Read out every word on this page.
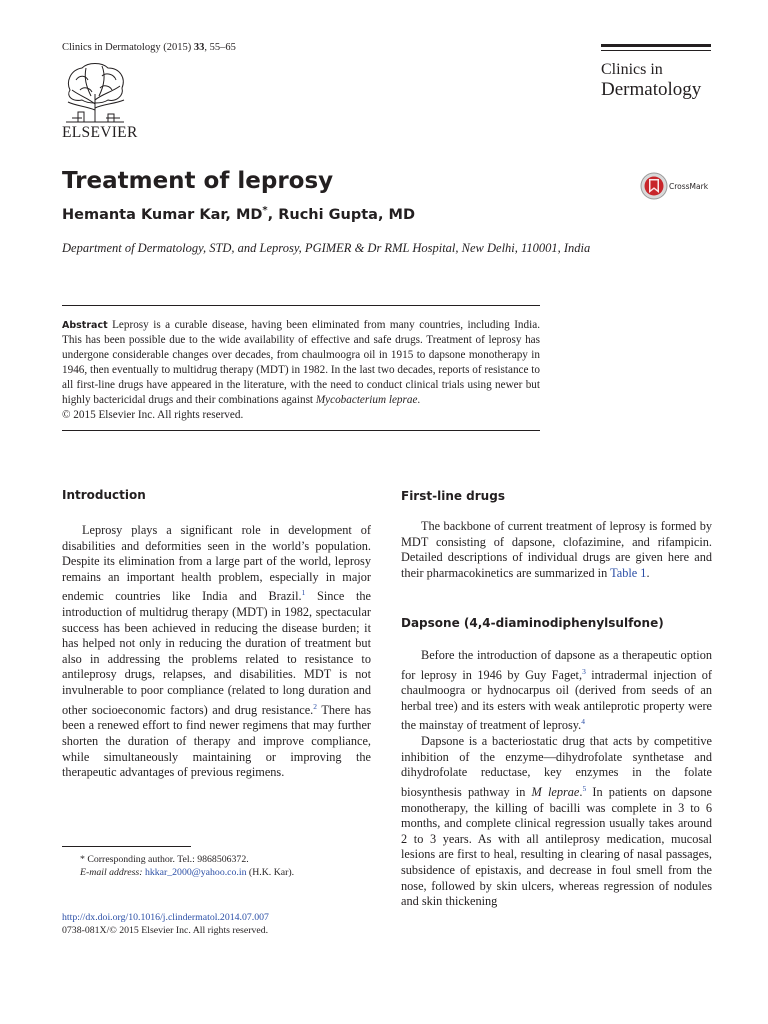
Clinics in Dermatology (2015) 33, 55–65
ELSEVIER
Clinics in
Dermatology
Treatment of leprosy	CrossMark
Hemanta Kumar Kar, MD*, Ruchi Gupta, MD
Department of Dermatology, STD, and Leprosy, PGIMER & Dr RML Hospital, New Delhi, 110001, India
Abstract Leprosy is a curable disease, having been eliminated from many countries, including India. This has been possible due to the wide availability of effective and safe drugs. Treatment of leprosy has undergone considerable changes over decades, from chaulmoogra oil in 1915 to dapsone monotherapy in 1946, then eventually to multidrug therapy (MDT) in 1982. In the last two decades, reports of resistance to all first-line drugs have appeared in the literature, with the need to conduct clinical trials using newer but highly bactericidal drugs and their combinations against Mycobacterium leprae.
© 2015 Elsevier Inc. All rights reserved.
Introduction

Leprosy plays a significant role in development of disabilities and deformities seen in the world’s population. Despite its elimination from a large part of the world, leprosy remains an important health problem, especially in major endemic countries like India and Brazil.$^1$ Since the introduction of multidrug therapy (MDT) in 1982, spectacular success has been achieved in reducing the disease burden; it has helped not only in reducing the duration of treatment but also in addressing the problems related to resistance to antileprosy drugs, relapses, and disabilities. MDT is not invulnerable to poor compliance (related to long duration and other socioeconomic factors) and drug resistance.$^2$ There has been a renewed effort to find newer regimens that may further shorten the duration of therapy and improve compliance, while simultaneously maintaining or improving the therapeutic advantages of previous regimens.

First-line drugs

The backbone of current treatment of leprosy is formed by MDT consisting of dapsone, clofazimine, and rifampicin. Detailed descriptions of individual drugs are given here and their pharmacokinetics are summarized in Table 1.

Dapsone (4,4-diaminodiphenylsulfone)

Before the introduction of dapsone as a therapeutic option for leprosy in 1946 by Guy Faget,$^3$ intradermal injection of chaulmoogra or hydnocarpus oil (derived from seeds of an herbal tree) and its esters with weak antileprotic property were the mainstay of treatment of leprosy.$^4$

Dapsone is a bacteriostatic drug that acts by competitive inhibition of the enzyme—dihydrofolate synthetase and dihydrofolate reductase, key enzymes in the folate biosynthesis pathway in M leprae.$^5$ In patients on dapsone monotherapy, the killing of bacilli was complete in 3 to 6 months, and complete clinical regression usually takes around 2 to 3 years. As with all antileprosy medication, mucosal lesions are first to heal, resulting in clearing of nasal passages, subsidence of epistaxis, and decrease in foul smell from the nose, followed by skin ulcers, whereas regression of nodules and skin thickening

* Corresponding author. Tel.: 9868506372.
E-mail address: hkkar_2000@yahoo.co.in (H.K. Kar).
http://dx.doi.org/10.1016/j.clindermatol.2014.07.007
0738-081X/© 2015 Elsevier Inc. All rights reserved.
